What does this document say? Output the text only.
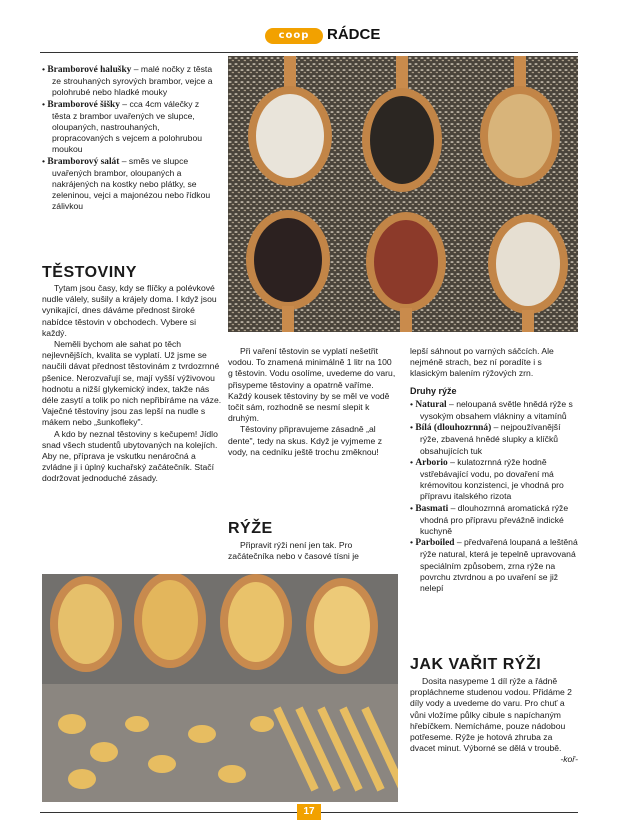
coop	RÁDCE
• Bramborové halušky – malé nočky z těsta ze strouhaných syrových brambor, vejce a polohrubé nebo hladké mouky
• Bramborové šišky – cca 4cm válečky z těsta z brambor uvařených ve slupce, oloupaných, nastrouhaných, propracovaných s vejcem a polohrubou moukou
• Bramborový salát – směs ve slupce uvařených brambor, oloupaných a nakrájených na kostky nebo plátky, se zeleninou, vejci a majonézou nebo řídkou zálivkou
TĚSTOVINY

Tytam jsou časy, kdy se flíčky a polévkové nudle válely, sušily a krájely doma. I když jsou vynikající, dnes dáváme přednost široké nabídce těstovin v obchodech. Vybere si každý.

Neměli bychom ale sahat po těch nejlevnějších, kvalita se vyplatí. Už jsme se naučili dávat přednost těstovinám z tvrdozrnné pšenice. Nerozvařují se, mají vyšší výživovou hodnotu a nižší glykemický index, takže nás déle zasytí a tolik po nich nepřibíráme na váze. Vaječné těstoviny jsou zas lepší na nudle s mákem nebo „šunkofleky".

A kdo by neznal těstoviny s kečupem! Jídlo snad všech studentů ubytovaných na kolejích. Aby ne, příprava je vskutku nenáročná a zvládne ji i úplný kuchařský začátečník. Stačí dodržovat jednoduché zásady.

Při vaření těstovin se vyplatí nešetřit vodou. To znamená minimálně 1 litr na 100 g těstovin. Vodu osolíme, uvedeme do varu, přisypeme těstoviny a opatrně vaříme. Každý kousek těstoviny by se měl ve vodě točit sám, rozhodně se nesmí slepit k druhým.

Těstoviny připravujeme zásadně „al dente", tedy na skus. Když je vyjmeme z vody, na cedníku ještě trochu změknou!

RÝŽE

Připravit rýži není jen tak. Pro začátečníka nebo v časové tísni je

lepší sáhnout po varných sáčcích. Ale nejméně strach, bez ní poradíte i s klasickým balením rýžových zrn.

Druhy rýže
• Natural – neloupaná světle hnědá rýže s vysokým obsahem vlákniny a vitamínů
• Bílá (dlouhozrnná) – nejpoužívanější rýže, zbavená hnědé slupky a klíčků obsahujících tuk
• Arborio – kulatozrnná rýže hodně vstřebávající vodu, po dovaření má krémovitou konzistenci, je vhodná pro přípravu italského rizota
• Basmati – dlouhozrnná aromatická rýže vhodná pro přípravu převážně indické kuchyně
• Parboiled – předvařená loupaná a leštěná rýže natural, která je tepelně upravovaná speciálním způsobem, zrna rýže na povrchu ztvrdnou a po uvaření se již nelepí
JAK VAŘIT RÝŽI

Dosita nasypeme 1 díl rýže a řádně propláchneme studenou vodou. Přidáme 2 díly vody a uvedeme do varu. Pro chuť a vůni vložíme půlky cibule s napíchaným hřebíčkem. Nemícháme, pouze nádobou potřeseme. Rýže je hotová zhruba za dvacet minut. Výborné se dělá v troubě.

-koř-
17
